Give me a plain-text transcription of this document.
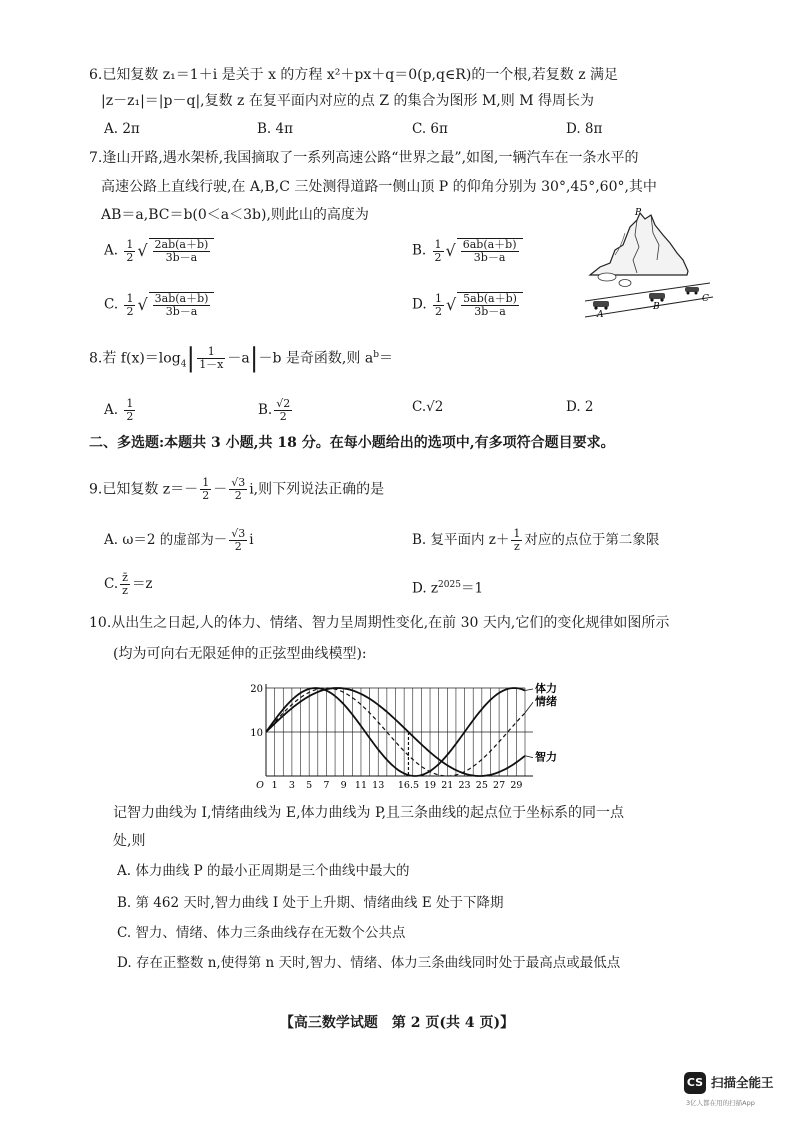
6.已知复数 z₁＝1＋i 是关于 x 的方程 x²＋px＋q＝0(p,q∈R)的一个根,若复数 z 满足
|z－z₁|＝|p－q|,复数 z 在复平面内对应的点 Z 的集合为图形 M,则 M 得周长为
A. 2π	B. 4π	C. 6π	D. 8π
7.逢山开路,遇水架桥,我国摘取了一系列高速公路“世界之最”,如图,一辆汽车在一条水平的
高速公路上直线行驶,在 A,B,C 三处测得道路一侧山顶 P 的仰角分别为 30°,45°,60°,其中
AB＝a,BC＝b(0＜a＜3b),则此山的高度为
A. $\frac{1}{2}$ √ $\frac{2ab(a+b)}{3b-a}$	B. $\frac{1}{2}$ √ $\frac{6ab(a+b)}{3b-a}$
C. $\frac{1}{2}$ √ $\frac{3ab(a+b)}{3b-a}$	D. $\frac{1}{2}$ √ $\frac{5ab(a+b)}{3b-a}$
P
A
B
C
8.若 $f(x)=\log_4| \frac{1}{1-x} -a|-b$ 是奇函数,则 $a^b=$
A. $\frac{1}{2}$	B. $\frac{√2}{2}$	C.√2	D. 2
二、多选题:本题共 3 小题,共 18 分。在每小题给出的选项中,有多项符合题目要求。
9.已知复数 $z=- \frac{1}{2} - \frac{√3}{2} i$,则下列说法正确的是
A. ω＝2 的虚部为－ $\frac{√3}{2}$ i	B. 复平面内 $z+ \frac{1}{z}$ 对应的点位于第二象限
C. $\frac{z̄}{z} =z$	D. $z^{2025}=1$
10.从出生之日起,人的体力、情绪、智力呈周期性变化,在前 30 天内,它们的变化规律如图所示
(均为可向右无限延伸的正弦型曲线模型):
10
20
O 1 3 5 7 9 11 13 16.5 19 21 23 25 27 29
体力
情绪
智力
记智力曲线为 I,情绪曲线为 E,体力曲线为 P,且三条曲线的起点位于坐标系的同一点
处,则
A. 体力曲线 P 的最小正周期是三个曲线中最大的
B. 第 462 天时,智力曲线 I 处于上升期、情绪曲线 E 处于下降期
C. 智力、情绪、体力三条曲线存在无数个公共点
D. 存在正整数 n,使得第 n 天时,智力、情绪、体力三条曲线同时处于最高点或最低点
【高三数学试题　第 2 页(共 4 页)】
CS 扫描全能王
3亿人都在用的扫描App
